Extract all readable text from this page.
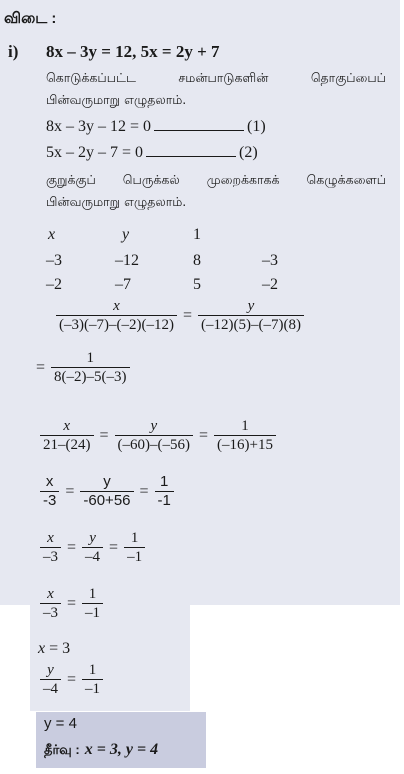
விடை :
i) 8x – 3y = 12, 5x = 2y + 7
கொடுக்கப்பட்ட சமன்பாடுகளின் தொகுப்பைப்
பின்வருமாறு எழுதலாம்.
8x – 3y – 12 = 0	(1)
5x – 2y – 7 = 0	(2)
குறுக்குப் பெருக்கல் முறைக்காகக் கெழுக்களைப்
பின்வருமாறு எழுதலாம்.
x	y	1
–3	–12	8	–3
–2	–7	5	–2
$\frac{x}{(-3)(-7)-(-2)(-12)} = \frac{y}{(-12)(5)-(-7)(8)}$
= $\frac{1}{8(-2)-5(-3)}$
$\frac{x}{21-(24)} = \frac{y}{(-60)-(-56)} = \frac{1}{(-16)+15}$
$\frac{x}{-3} = \frac{y}{-60+56} = \frac{1}{-1}$
$\frac{x}{-3} = \frac{y}{-4} = \frac{1}{-1}$
$\frac{x}{-3} = \frac{1}{-1}$
x = 3
$\frac{y}{-4} = \frac{1}{-1}$
y = 4
தீர்வு : x = 3, y = 4
